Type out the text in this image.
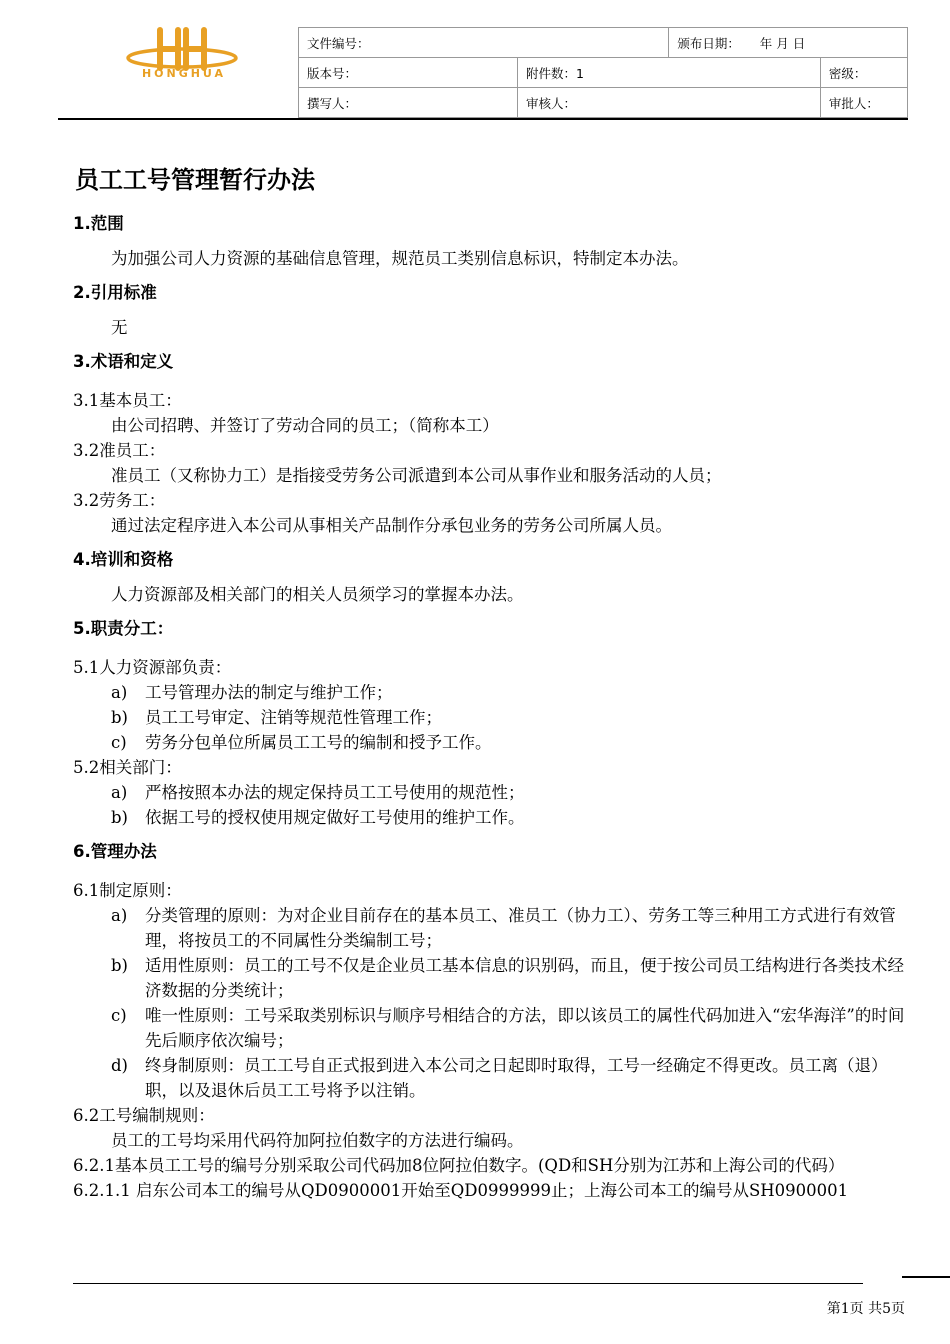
HONGHUA
文件编号：		颁布日期： 年 月 日	
版本号：	附件数：1		密级：
撰写人：	审核人：		审批人：
员工工号管理暂行办法

1.范围

为加强公司人力资源的基础信息管理，规范员工类别信息标识，特制定本办法。

2.引用标准

无

3.术语和定义

3.1基本员工：

由公司招聘、并签订了劳动合同的员工；（简称本工）

3.2准员工：

准员工（又称协力工）是指接受劳务公司派遣到本公司从事作业和服务活动的人员；

3.2劳务工：

通过法定程序进入本公司从事相关产品制作分承包业务的劳务公司所属人员。

4.培训和资格

人力资源部及相关部门的相关人员须学习的掌握本办法。

5.职责分工：

5.1人力资源部负责：

a)	工号管理办法的制定与维护工作；
b)	员工工号审定、注销等规范性管理工作；
c)	劳务分包单位所属员工工号的编制和授予工作。

5.2相关部门：

a)	严格按照本办法的规定保持员工工号使用的规范性；
b)	依据工号的授权使用规定做好工号使用的维护工作。

6.管理办法

6.1制定原则：

a)	分类管理的原则：为对企业目前存在的基本员工、准员工（协力工）、劳务工等三种用工方式进行有效管理，将按员工的不同属性分类编制工号；
b)	适用性原则：员工的工号不仅是企业员工基本信息的识别码，而且，便于按公司员工结构进行各类技术经济数据的分类统计；
c)	唯一性原则：工号采取类别标识与顺序号相结合的方法，即以该员工的属性代码加进入“宏华海洋”的时间先后顺序依次编号；
d)	终身制原则：员工工号自正式报到进入本公司之日起即时取得，工号一经确定不得更改。员工离（退）职，以及退休后员工工号将予以注销。

6.2工号编制规则：

员工的工号均采用代码符加阿拉伯数字的方法进行编码。

6.2.1基本员工工号的编号分别采取公司代码加8位阿拉伯数字。(QD和SH分别为江苏和上海公司的代码）

6.2.1.1 启东公司本工的编号从QD0900001开始至QD0999999止；上海公司本工的编号从SH0900001

第1页 共5页
